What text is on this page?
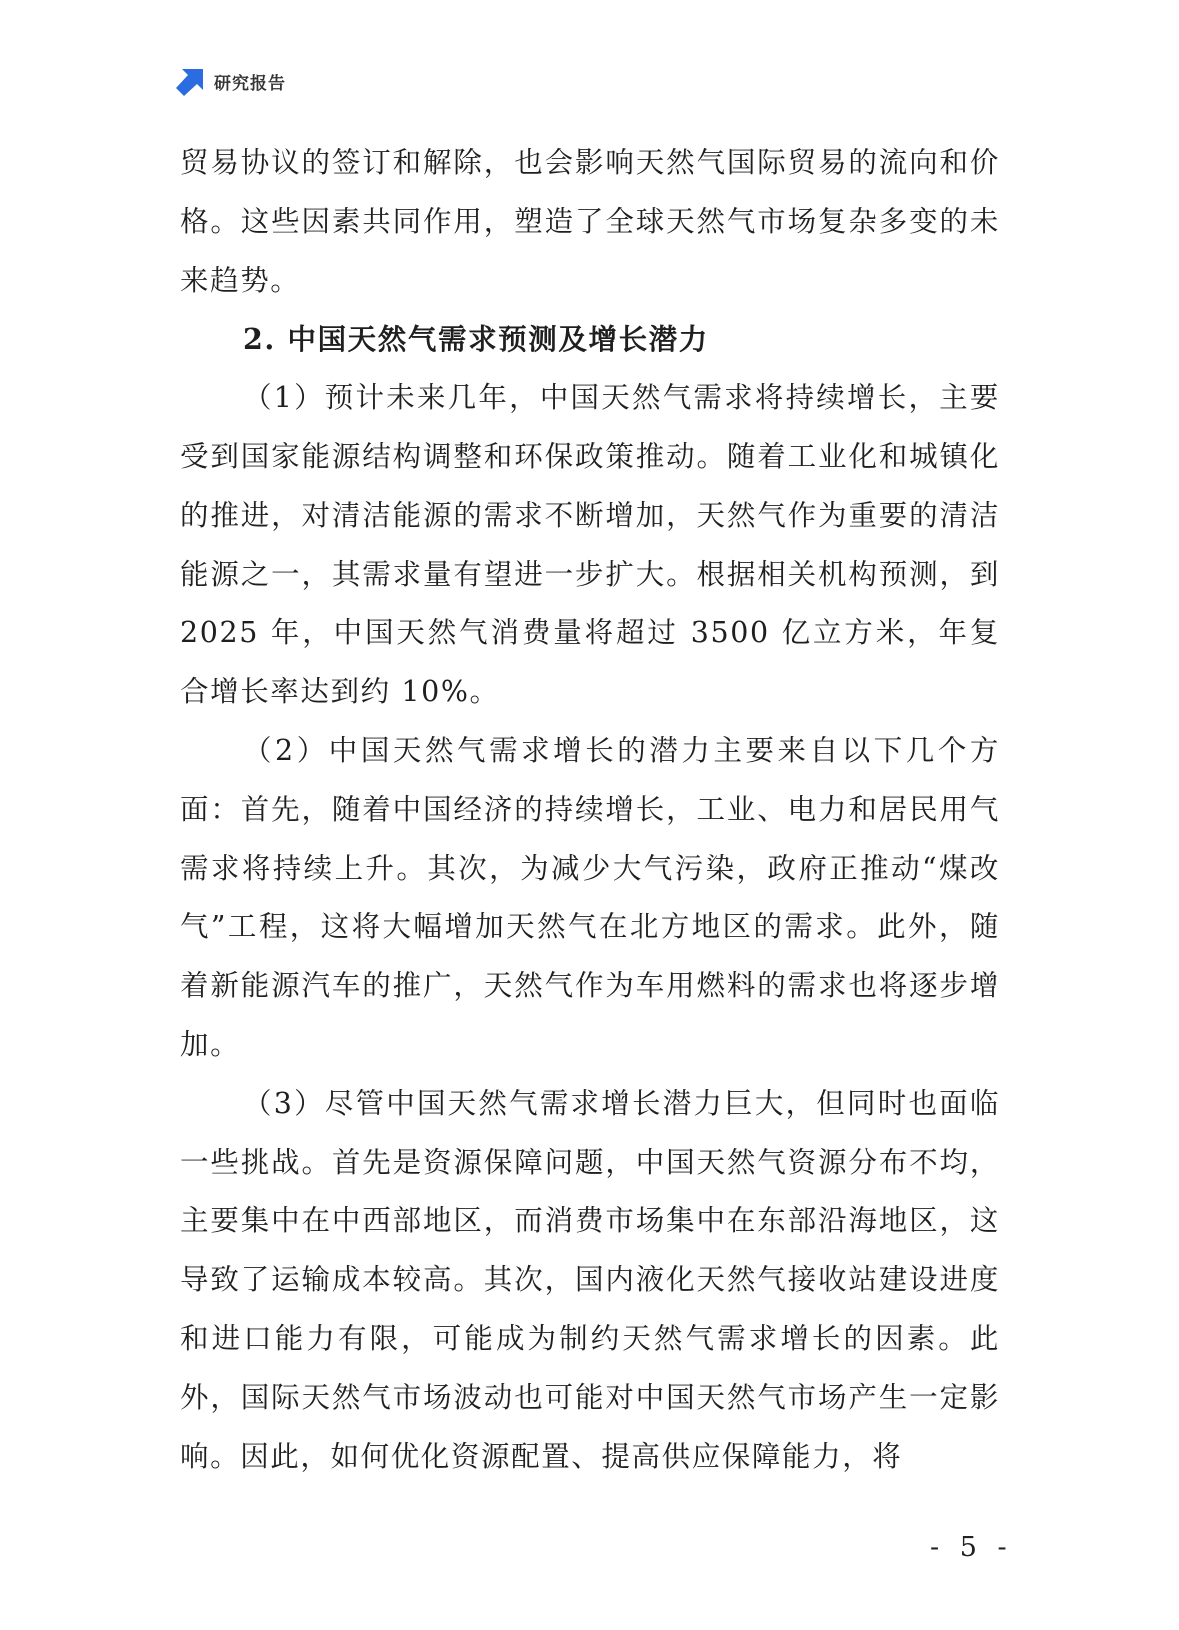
研究报告

贸易协议的签订和解除，也会影响天然气国际贸易的流向和价格。这些因素共同作用，塑造了全球天然气市场复杂多变的未来趋势。

2. 中国天然气需求预测及增长潜力

（1）预计未来几年，中国天然气需求将持续增长，主要受到国家能源结构调整和环保政策推动。随着工业化和城镇化的推进，对清洁能源的需求不断增加，天然气作为重要的清洁能源之一，其需求量有望进一步扩大。根据相关机构预测，到 2025 年，中国天然气消费量将超过 3500 亿立方米，年复合增长率达到约 10%。

（2）中国天然气需求增长的潜力主要来自以下几个方面：首先，随着中国经济的持续增长，工业、电力和居民用气需求将持续上升。其次，为减少大气污染，政府正推动“煤改气”工程，这将大幅增加天然气在北方地区的需求。此外，随着新能源汽车的推广，天然气作为车用燃料的需求也将逐步增加。

（3）尽管中国天然气需求增长潜力巨大，但同时也面临一些挑战。首先是资源保障问题，中国天然气资源分布不均，主要集中在中西部地区，而消费市场集中在东部沿海地区，这导致了运输成本较高。其次，国内液化天然气接收站建设进度和进口能力有限，可能成为制约天然气需求增长的因素。此外，国际天然气市场波动也可能对中国天然气市场产生一定影响。因此，如何优化资源配置、提高供应保障能力，将

- 5 -
